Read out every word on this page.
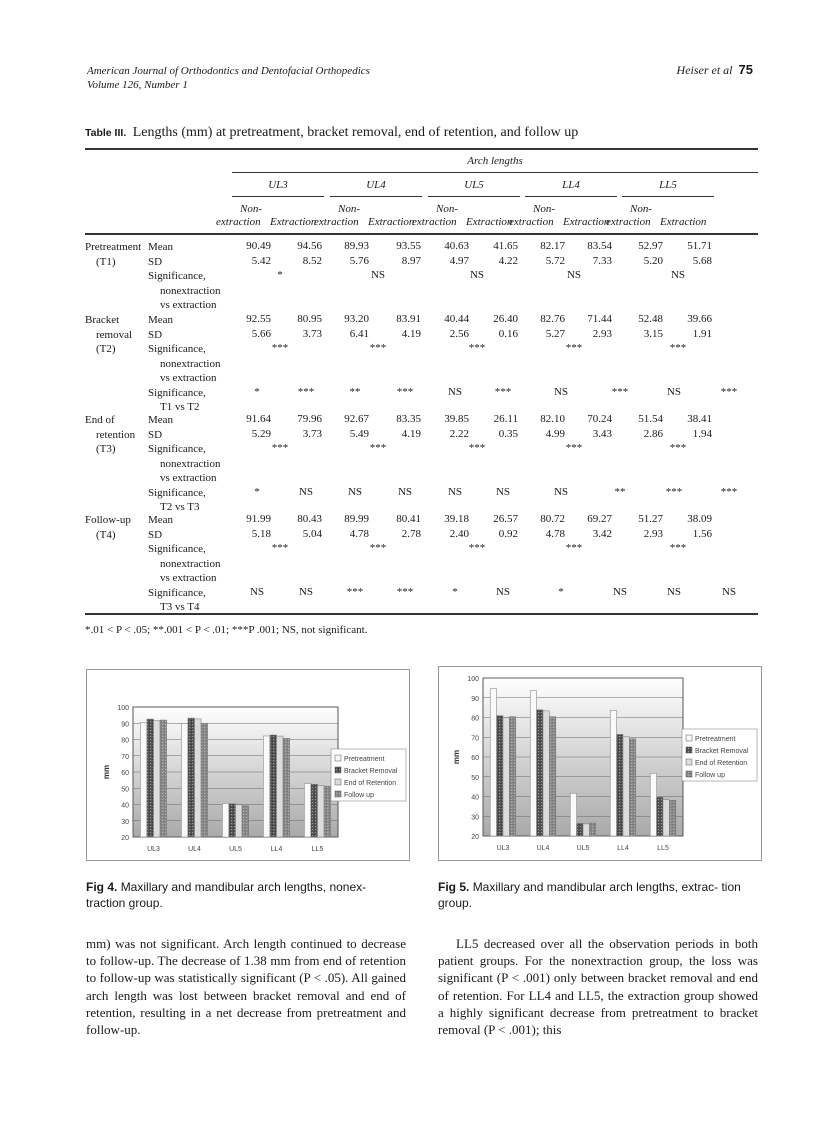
American Journal of Orthodontics and Dentofacial Orthopedics
Volume 126, Number 1
Heiser et al 75
Table III. Lengths (mm) at pretreatment, bracket removal, end of retention, and follow up
Arch lengths
UL3
Non-
extraction Extraction
UL4
Non-
extraction Extraction
UL5
Non-
extraction Extraction
LL4
Non-
extraction Extraction
LL5
Non-
extraction Extraction
Pretreatment
(T1)
Mean	90.49	94.56	89.93	93.55	40.63	41.65	82.17	83.54	52.97	51.71
SD	5.42	8.52	5.76	8.97	4.97	4.22	5.72	7.33	5.20	5.68
Significance,
nonextraction
vs extraction
*	NS	NS	NS	NS
Bracket
removal
(T2)
Mean	92.55	80.95	93.20	83.91	40.44	26.40	82.76	71.44	52.48	39.66
SD	5.66	3.73	6.41	4.19	2.56	0.16	5.27	2.93	3.15	1.91
Significance,
nonextraction
vs extraction
***	***	***	***	***
Significance,
T1 vs T2
*	***	**	***	NS	***	NS	***	NS	***
End of
retention
(T3)
Mean	91.64	79.96	92.67	83.35	39.85	26.11	82.10	70.24	51.54	38.41
SD	5.29	3.73	5.49	4.19	2.22	0.35	4.99	3.43	2.86	1.94
Significance,
nonextraction
vs extraction
***	***	***	***	***
Significance,
T2 vs T3
*	NS	NS	NS	NS	NS	NS	**	***	***
Follow-up
(T4)
Mean	91.99	80.43	89.99	80.41	39.18	26.57	80.72	69.27	51.27	38.09
SD	5.18	5.04	4.78	2.78	2.40	0.92	4.78	3.42	2.93	1.56
Significance,
nonextraction
vs extraction
***	***	***	***	***
Significance,
T3 vs T4
NS	NS	***	***	*	NS	*	NS	NS	NS
*.01 < P < .05; **.001 < P < .01; ***P .001; NS, not significant.
20
30
40
50
60
70
80
90
100
mm
UL3	UL4	UL5	LL4	LL5
Pretreatment
Bracket Removal
End of Retention
Follow up
20
30
40
50
60
70
80
90
100
mm
UL3	UL4	UL5	LL4	LL5
Pretreatment
Bracket Removal
End of Retention
Follow up
Fig 4. Maxillary and mandibular arch lengths, nonex- traction group.
Fig 5. Maxillary and mandibular arch lengths, extrac- tion group.
mm) was not significant. Arch length continued to decrease to follow-up. The decrease of 1.38 mm from end of retention to follow-up was statistically significant (P < .05). All gained arch length was lost between bracket removal and end of retention, resulting in a net decrease from pretreatment and follow-up.
LL5 decreased over all the observation periods in both patient groups. For the nonextraction group, the loss was significant (P < .001) only between bracket removal and end of retention. For LL4 and LL5, the extraction group showed a highly significant decrease from pretreatment to bracket removal (P < .001); this
